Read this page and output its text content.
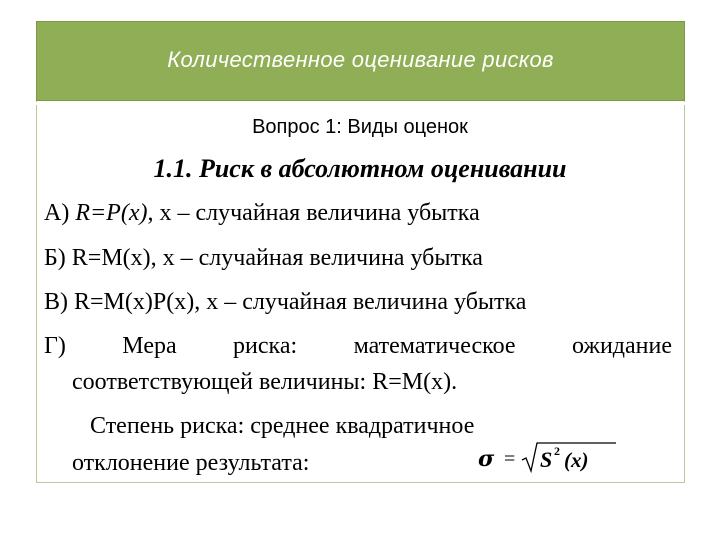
Количественное оценивание рисков
Вопрос 1: Виды оценок
1.1. Риск в абсолютном оценивании
А) R=P(x), х – случайная величина убытка
Б) R=M(x), х – случайная величина убытка
В) R=M(x)P(x), х – случайная величина убытка
Г) Мера риска: математическое ожидание
соответствующей величины: R=M(x).
Степень риска: среднее квадратичное
отклонение результата:	σ = S 2 (x)
